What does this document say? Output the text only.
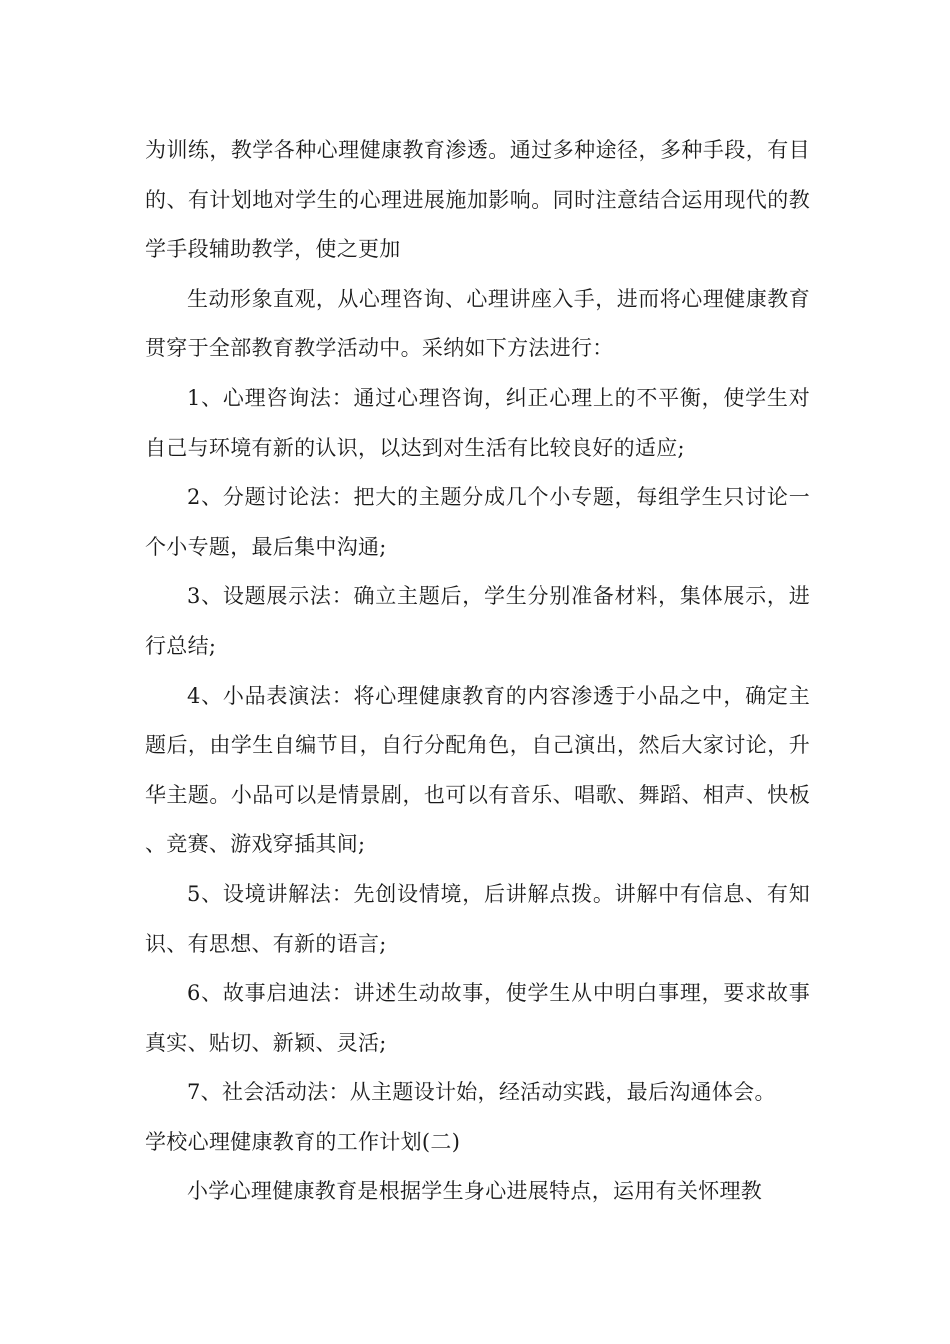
为训练，教学各种心理健康教育渗透。通过多种途径，多种手段，有目的、有计划地对学生的心理进展施加影响。同时注意结合运用现代的教学手段辅助教学，使之更加

生动形象直观，从心理咨询、心理讲座入手，进而将心理健康教育贯穿于全部教育教学活动中。采纳如下方法进行：

1、心理咨询法：通过心理咨询，纠正心理上的不平衡，使学生对自己与环境有新的认识，以达到对生活有比较良好的适应;

2、分题讨论法：把大的主题分成几个小专题，每组学生只讨论一个小专题，最后集中沟通;

3、设题展示法：确立主题后，学生分别准备材料，集体展示，进行总结;

4、小品表演法：将心理健康教育的内容渗透于小品之中，确定主题后，由学生自编节目，自行分配角色，自己演出，然后大家讨论，升华主题。小品可以是情景剧，也可以有音乐、唱歌、舞蹈、相声、快板、竞赛、游戏穿插其间;

5、设境讲解法：先创设情境，后讲解点拨。讲解中有信息、有知识、有思想、有新的语言;

6、故事启迪法：讲述生动故事，使学生从中明白事理，要求故事真实、贴切、新颖、灵活;

7、社会活动法：从主题设计始，经活动实践，最后沟通体会。

学校心理健康教育的工作计划(二)

小学心理健康教育是根据学生身心进展特点，运用有关怀理教
